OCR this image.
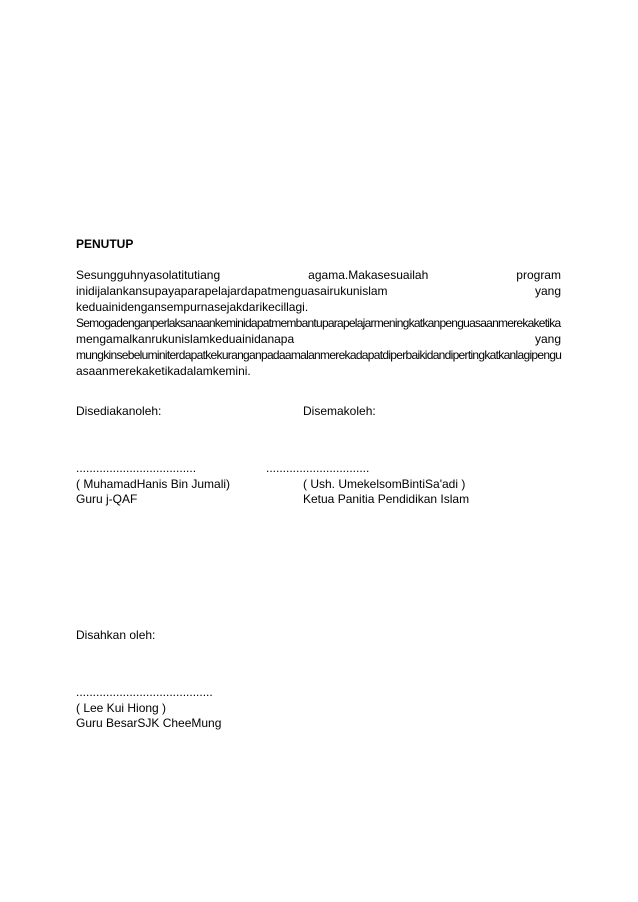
PENUTUP
Sesungguhnyasolatitutiang	agama.Makasesuailah	program
inidijalankansupayaparapelajardapatmenguasairukunislam	yang
keduainidengansempurnasejakdarikecillagi.
Semogadenganperlaksanaankeminidapatmembantuparapelajarmeningkatkanpenguasaanmerekaketika
mengamalkanrukunislamkeduainidanapa	yang
mungkinsebeluminiterdapatkekuranganpadaamalanmerekadapatdiperbaikidandipertingkatkanlagipengu
asaanmerekaketikadalamkemini.
Disediakanoleh:	Disemakoleh:
....................................	...............................
( MuhamadHanis Bin Jumali)	( Ush. UmekelsomBintiSa'adi )
Guru j-QAF	Ketua Panitia Pendidikan Islam
Disahkan oleh:
.........................................
( Lee Kui Hiong )
Guru BesarSJK CheeMung
